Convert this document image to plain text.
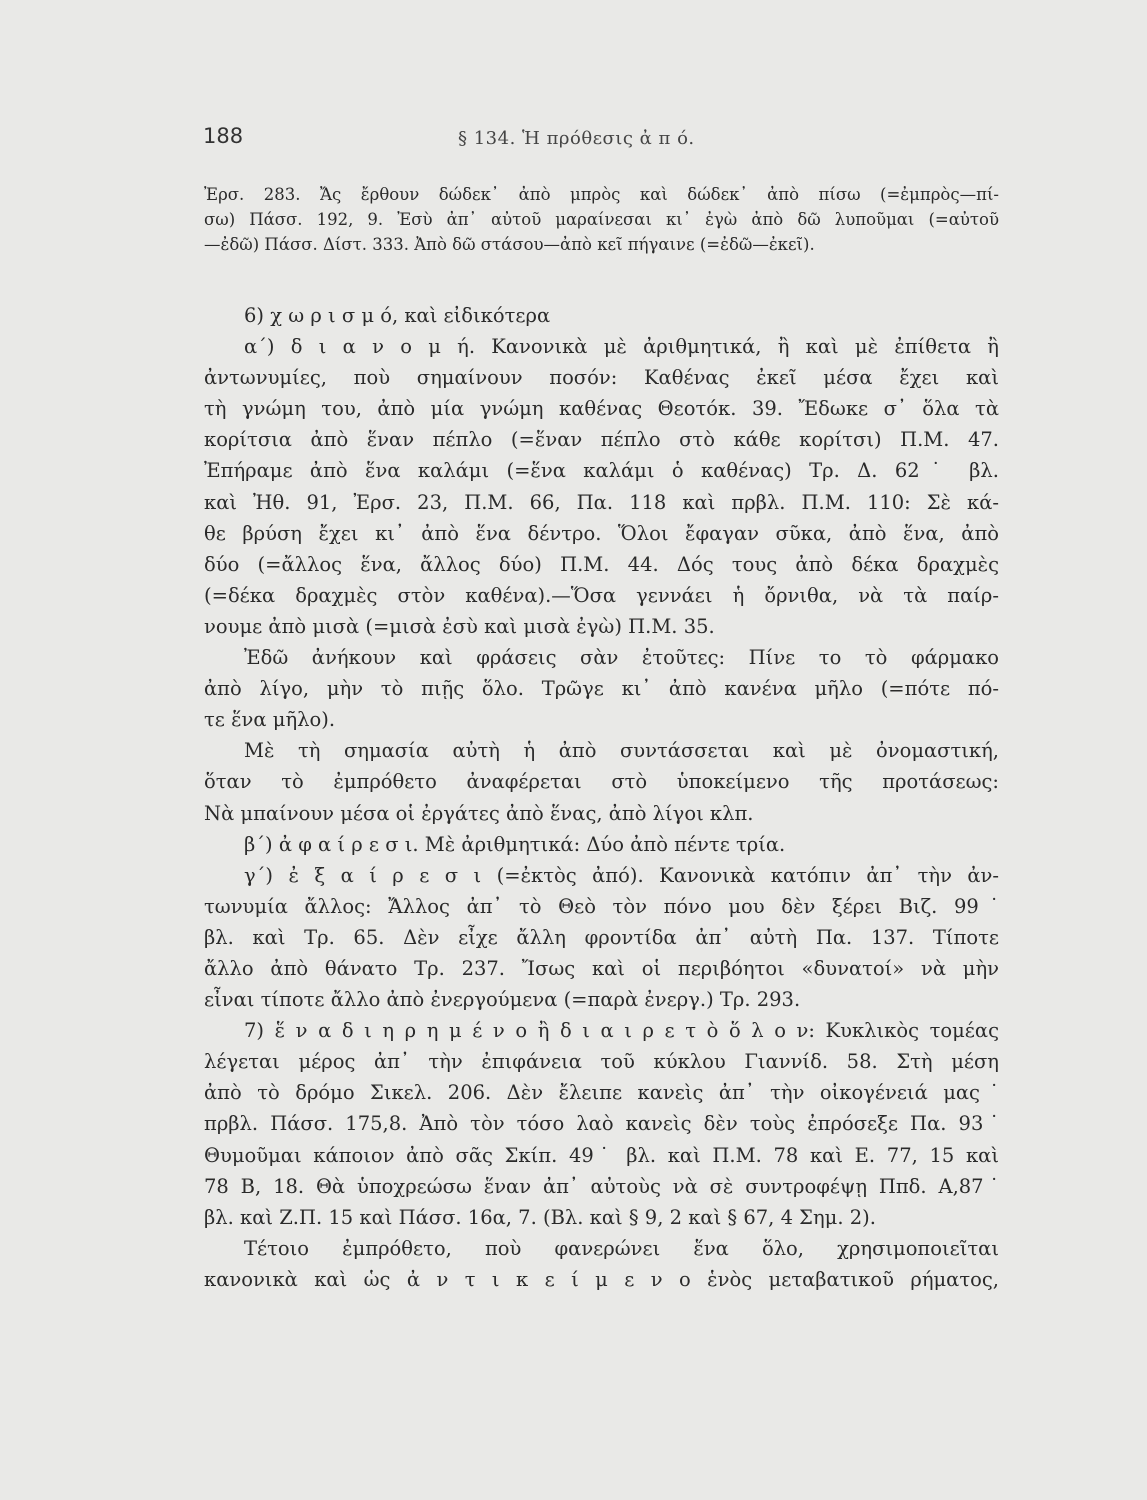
188	§ 134. Ἡ πρόθεσις ἀ π ό.
Ἐρσ. 283. Ἄς ἔρθουν δώδεκ᾽ ἀπὸ μπρὸς καὶ δώδεκ᾽ ἀπὸ πίσω (=ἐμπρὸς—πί-
σω) Πάσσ. 192, 9. Ἐσὺ ἀπ᾽ αὐτοῦ μαραίνεσαι κι᾽ ἐγὼ ἀπὸ δῶ λυποῦμαι (=αὐτοῦ
—ἐδῶ) Πάσσ. Δίστ. 333. Ἀπὸ δῶ στάσου—ἀπὸ κεῖ πήγαινε (=ἐδῶ—ἐκεῖ).
6) χ ω ρ ι σ μ ό, καὶ εἰδικότερα
α΄) δ ι α ν ο μ ή. Κανονικὰ μὲ ἀριθμητικά, ἢ καὶ μὲ ἐπίθετα ἢ
ἀντωνυμίες, ποὺ σημαίνουν ποσόν: Καθένας ἐκεῖ μέσα ἔχει καὶ
τὴ γνώμη του, ἀπὸ μία γνώμη καθένας Θεοτόκ. 39. Ἔδωκε σ᾽ ὅλα τὰ
κορίτσια ἀπὸ ἕναν πέπλο (=ἕναν πέπλο στὸ κάθε κορίτσι) Π.Μ. 47.
Ἐπήραμε ἀπὸ ἕνα καλάμι (=ἕνα καλάμι ὁ καθένας) Τρ. Δ. 62˙ βλ.
καὶ Ἠθ. 91, Ἐρσ. 23, Π.Μ. 66, Πα. 118 καὶ πρβλ. Π.Μ. 110: Σὲ κά-
θε βρύση ἔχει κι᾽ ἀπὸ ἕνα δέντρο. Ὅλοι ἔφαγαν σῦκα, ἀπὸ ἕνα, ἀπὸ
δύο (=ἄλλος ἕνα, ἄλλος δύο) Π.Μ. 44. Δός τους ἀπὸ δέκα δραχμὲς
(=δέκα δραχμὲς στὸν καθένα).—Ὅσα γεννάει ἡ ὄρνιθα, νὰ τὰ παίρ-
νουμε ἀπὸ μισὰ (=μισὰ ἐσὺ καὶ μισὰ ἐγὼ) Π.Μ. 35.
Ἐδῶ ἀνήκουν καὶ φράσεις σὰν ἐτοῦτες: Πίνε το τὸ φάρμακο
ἀπὸ λίγο, μὴν τὸ πιῇς ὅλο. Τρῶγε κι᾽ ἀπὸ κανένα μῆλο (=πότε πό-
τε ἕνα μῆλο).
Μὲ τὴ σημασία αὐτὴ ἡ ἀπὸ συντάσσεται καὶ μὲ ὀνομαστική,
ὅταν τὸ ἐμπρόθετο ἀναφέρεται στὸ ὑποκείμενο τῆς προτάσεως:
Νὰ μπαίνουν μέσα οἱ ἐργάτες ἀπὸ ἕνας, ἀπὸ λίγοι κλπ.
β΄) ἀ φ α ί ρ ε σ ι. Μὲ ἀριθμητικά: Δύο ἀπὸ πέντε τρία.
γ΄) ἐ ξ α ί ρ ε σ ι (=ἐκτὸς ἀπό). Κανονικὰ κατόπιν ἀπ᾽ τὴν ἀν-
τωνυμία ἄλλος: Ἄλλος ἀπ᾽ τὸ Θεὸ τὸν πόνο μου δὲν ξέρει Βιζ. 99˙
βλ. καὶ Τρ. 65. Δὲν εἶχε ἄλλη φροντίδα ἀπ᾽ αὐτὴ Πα. 137. Τίποτε
ἄλλο ἀπὸ θάνατο Τρ. 237. Ἴσως καὶ οἱ περιβόητοι «δυνατοί» νὰ μὴν
εἶναι τίποτε ἄλλο ἀπὸ ἐνεργούμενα (=παρὰ ἐνεργ.) Τρ. 293.
7) ἕ ν α δ ι η ρ η μ έ ν ο ἢ δ ι α ι ρ ε τ ὸ ὅ λ ο ν: Κυκλικὸς τομέας
λέγεται μέρος ἀπ᾽ τὴν ἐπιφάνεια τοῦ κύκλου Γιαννίδ. 58. Στὴ μέση
ἀπὸ τὸ δρόμο Σικελ. 206. Δὲν ἔλειπε κανεὶς ἀπ᾽ τὴν οἰκογένειά μας˙
πρβλ. Πάσσ. 175,8. Ἀπὸ τὸν τόσο λαὸ κανεὶς δὲν τοὺς ἐπρόσεξε Πα. 93˙
Θυμοῦμαι κάποιον ἀπὸ σᾶς Σκίπ. 49˙ βλ. καὶ Π.Μ. 78 καὶ Ε. 77, 15 καὶ
78 Β, 18. Θὰ ὑποχρεώσω ἕναν ἀπ᾽ αὐτοὺς νὰ σὲ συντροφέψῃ Ππδ. Α,87˙
βλ. καὶ Ζ.Π. 15 καὶ Πάσσ. 16α, 7. (Βλ. καὶ § 9, 2 καὶ § 67, 4 Σημ. 2).
Τέτοιο ἐμπρόθετο, ποὺ φανερώνει ἕνα ὅλο, χρησιμοποιεῖται
κανονικὰ καὶ ὡς ἀ ν τ ι κ ε ί μ ε ν ο ἑνὸς μεταβατικοῦ ρήματος,
